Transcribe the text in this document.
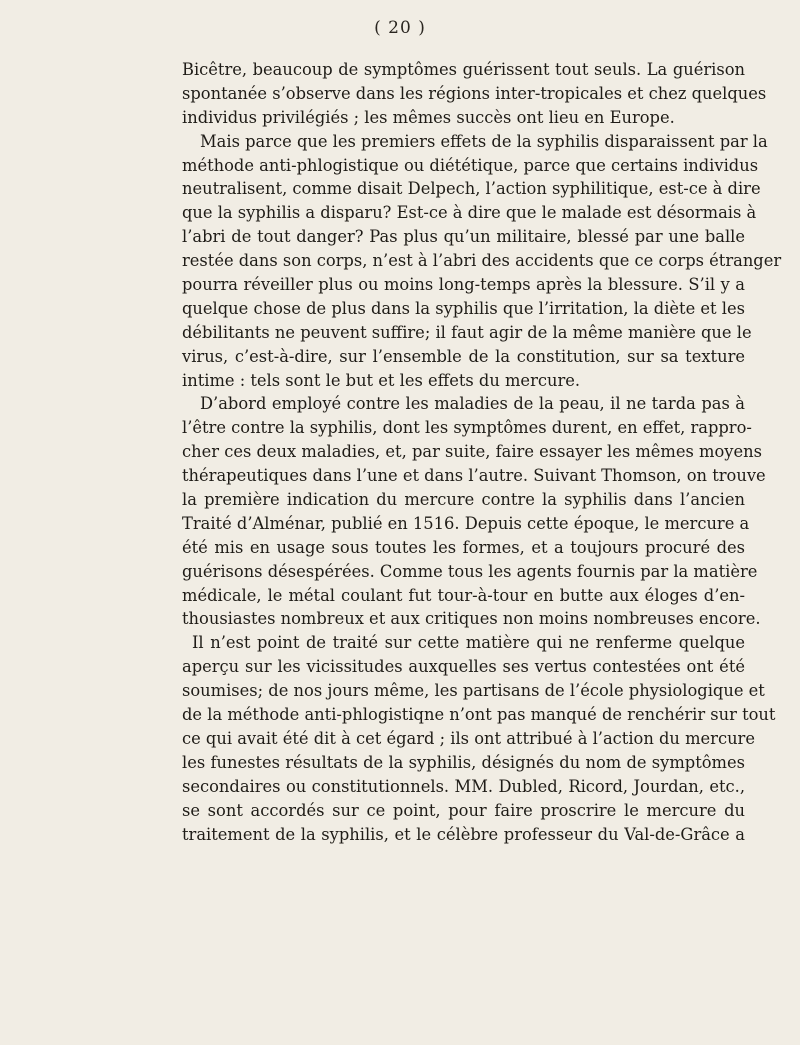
( 20 )
Bicêtre, beaucoup de symptômes guérissent tout seuls. La guérison
spontanée s’observe dans les régions inter-tropicales et chez quelques
individus privilégiés ; les mêmes succès ont lieu en Europe.
Mais parce que les premiers effets de la syphilis disparaissent par la
méthode anti-phlogistique ou diététique, parce que certains individus
neutralisent, comme disait Delpech, l’action syphilitique, est-ce à dire
que la syphilis a disparu? Est-ce à dire que le malade est désormais à
l’abri de tout danger? Pas plus qu’un militaire, blessé par une balle
restée dans son corps, n’est à l’abri des accidents que ce corps étranger
pourra réveiller plus ou moins long-temps après la blessure. S’il y a
quelque chose de plus dans la syphilis que l’irritation, la diète et les
débilitants ne peuvent suffire; il faut agir de la même manière que le
virus, c’est-à-dire, sur l’ensemble de la constitution, sur sa texture
intime : tels sont le but et les effets du mercure.
D’abord employé contre les maladies de la peau, il ne tarda pas à
l’être contre la syphilis, dont les symptômes durent, en effet, rappro-
cher ces deux maladies, et, par suite, faire essayer les mêmes moyens
thérapeutiques dans l’une et dans l’autre. Suivant Thomson, on trouve
la première indication du mercure contre la syphilis dans l’ancien
Traité d’Alménar, publié en 1516. Depuis cette époque, le mercure a
été mis en usage sous toutes les formes, et a toujours procuré des
guérisons désespérées. Comme tous les agents fournis par la matière
médicale, le métal coulant fut tour-à-tour en butte aux éloges d’en-
thousiastes nombreux et aux critiques non moins nombreuses encore.
Il n’est point de traité sur cette matière qui ne renferme quelque
aperçu sur les vicissitudes auxquelles ses vertus contestées ont été
soumises; de nos jours même, les partisans de l’école physiologique et
de la méthode anti-phlogistiqne n’ont pas manqué de renchérir sur tout
ce qui avait été dit à cet égard ; ils ont attribué à l’action du mercure
les funestes résultats de la syphilis, désignés du nom de symptômes
secondaires ou constitutionnels. MM. Dubled, Ricord, Jourdan, etc.,
se sont accordés sur ce point, pour faire proscrire le mercure du
traitement de la syphilis, et le célèbre professeur du Val-de-Grâce a
